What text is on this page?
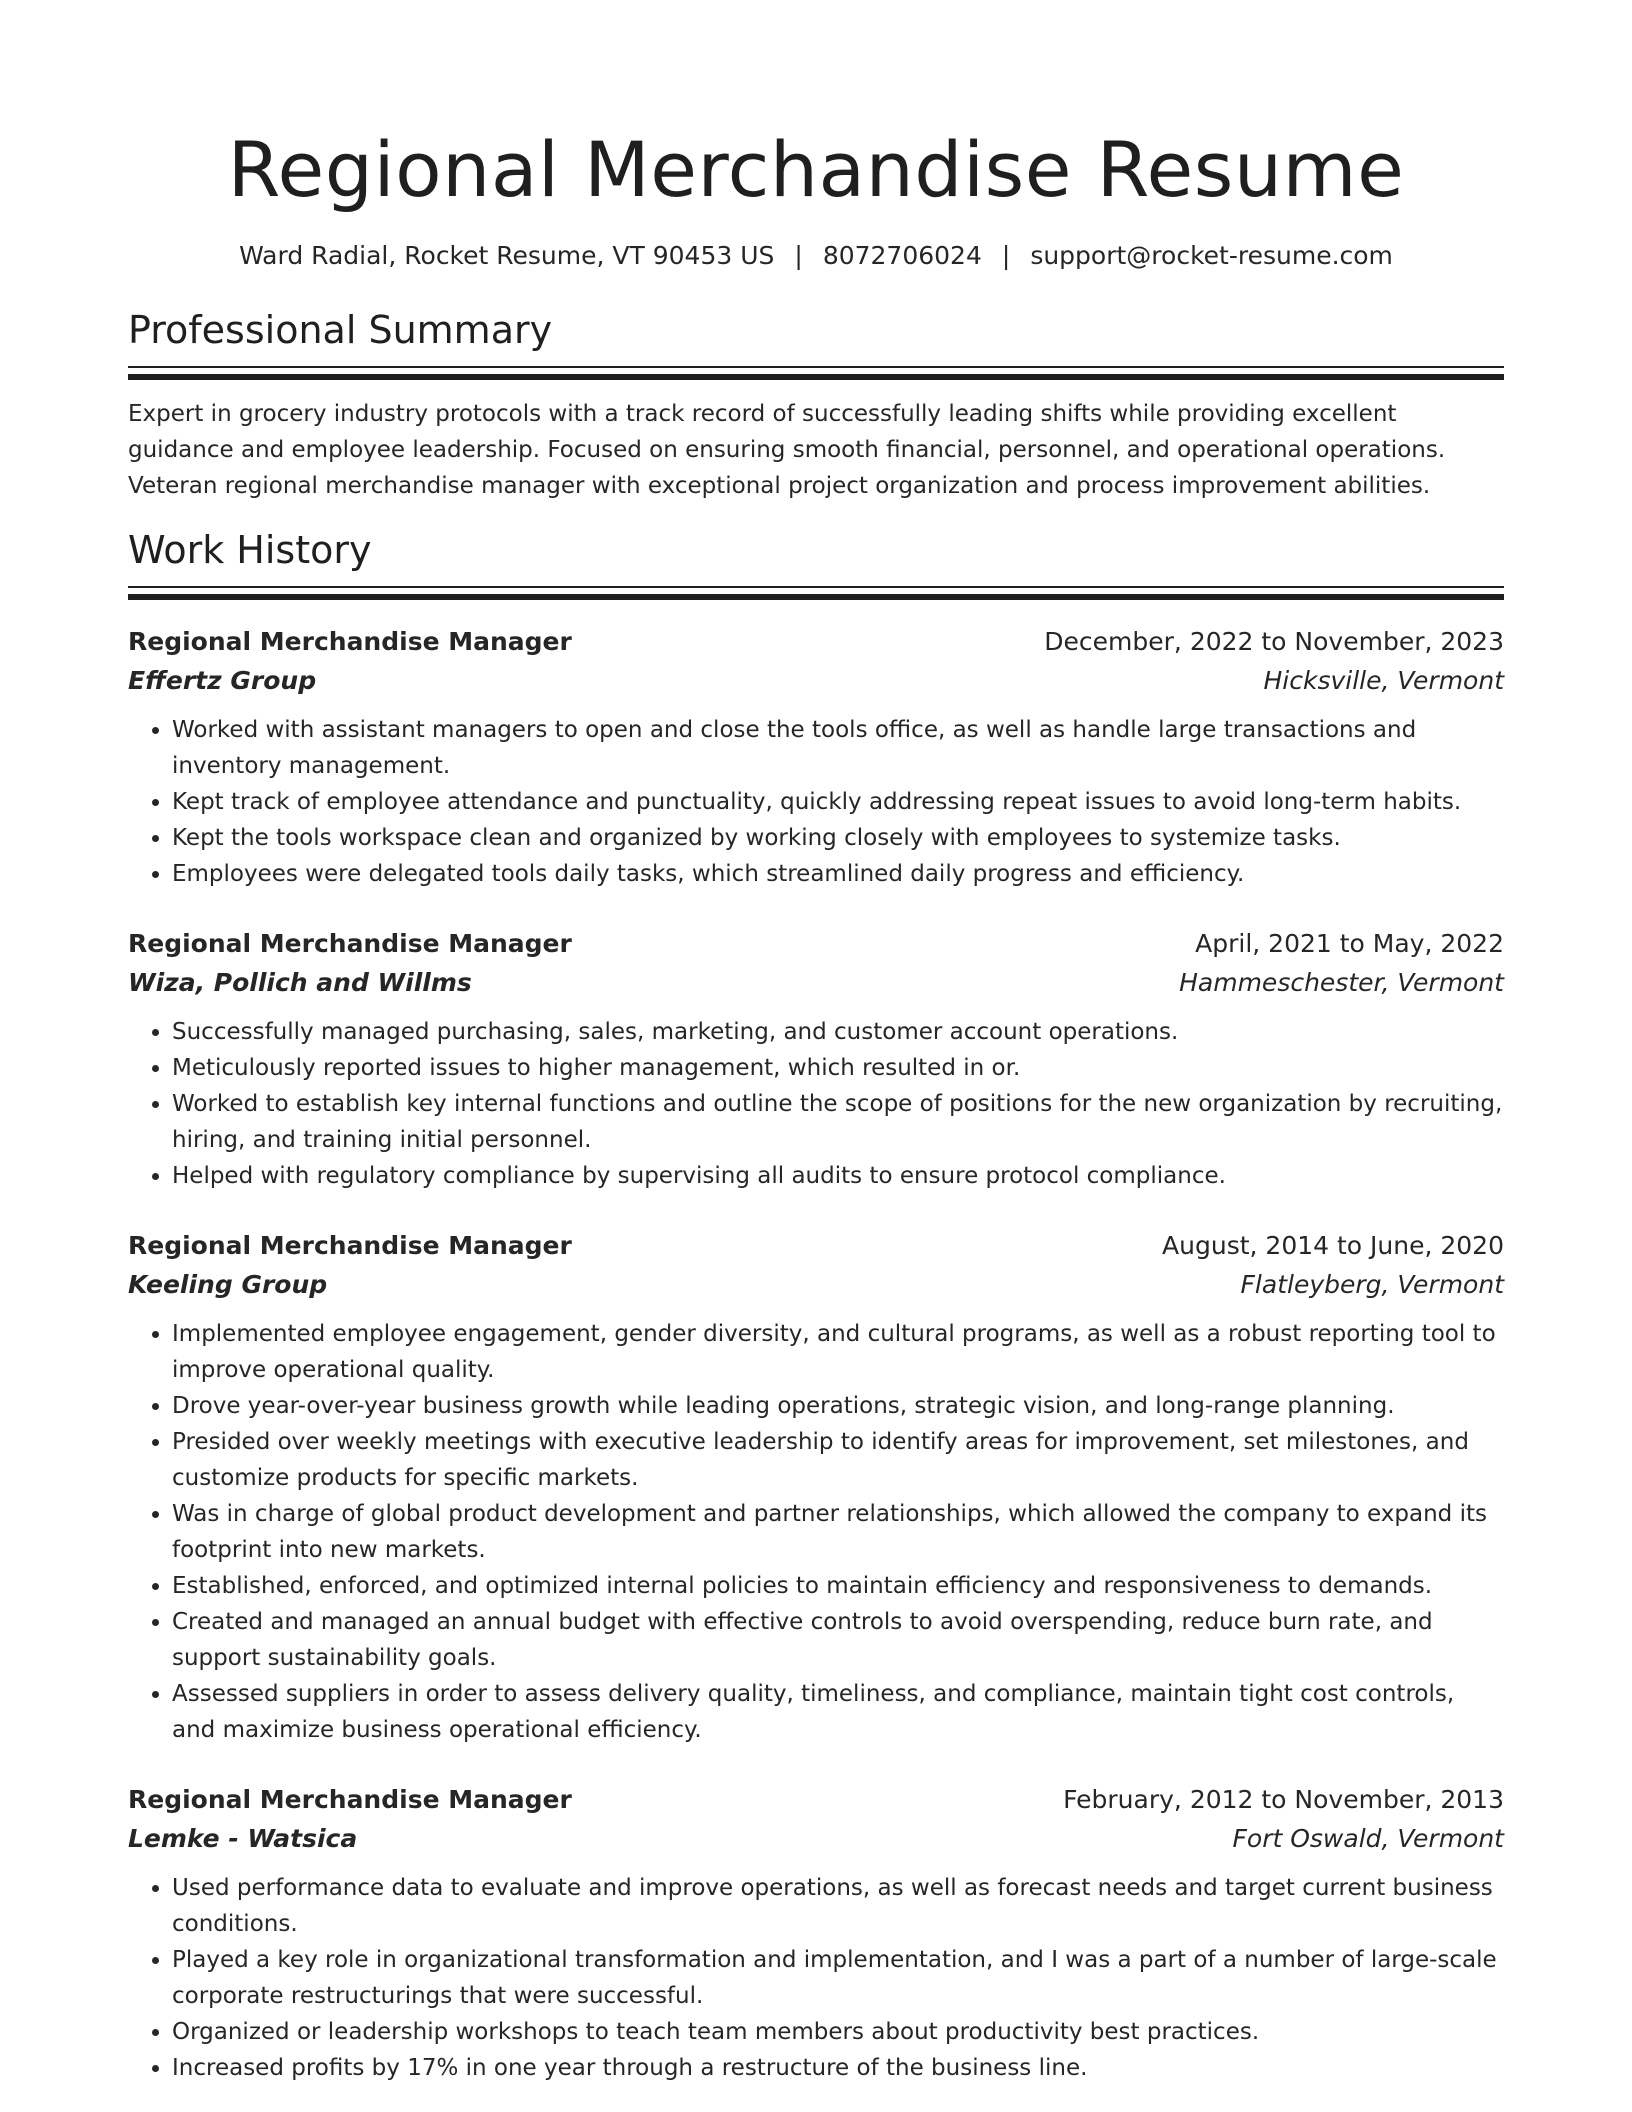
Regional Merchandise Resume
Ward Radial, Rocket Resume, VT 90453 US | 8072706024 | support@rocket-resume.com
Professional Summary
Expert in grocery industry protocols with a track record of successfully leading shifts while providing excellent guidance and employee leadership. Focused on ensuring smooth financial, personnel, and operational operations. Veteran regional merchandise manager with exceptional project organization and process improvement abilities.
Work History
Regional Merchandise Manager	December, 2022 to November, 2023
Effertz Group	Hicksville, Vermont
• Worked with assistant managers to open and close the tools office, as well as handle large transactions and inventory management.
• Kept track of employee attendance and punctuality, quickly addressing repeat issues to avoid long-term habits.
• Kept the tools workspace clean and organized by working closely with employees to systemize tasks.
• Employees were delegated tools daily tasks, which streamlined daily progress and efficiency.
Regional Merchandise Manager	April, 2021 to May, 2022
Wiza, Pollich and Willms	Hammeschester, Vermont
• Successfully managed purchasing, sales, marketing, and customer account operations.
• Meticulously reported issues to higher management, which resulted in or.
• Worked to establish key internal functions and outline the scope of positions for the new organization by recruiting, hiring, and training initial personnel.
• Helped with regulatory compliance by supervising all audits to ensure protocol compliance.
Regional Merchandise Manager	August, 2014 to June, 2020
Keeling Group	Flatleyberg, Vermont
• Implemented employee engagement, gender diversity, and cultural programs, as well as a robust reporting tool to improve operational quality.
• Drove year-over-year business growth while leading operations, strategic vision, and long-range planning.
• Presided over weekly meetings with executive leadership to identify areas for improvement, set milestones, and customize products for specific markets.
• Was in charge of global product development and partner relationships, which allowed the company to expand its footprint into new markets.
• Established, enforced, and optimized internal policies to maintain efficiency and responsiveness to demands.
• Created and managed an annual budget with effective controls to avoid overspending, reduce burn rate, and support sustainability goals.
• Assessed suppliers in order to assess delivery quality, timeliness, and compliance, maintain tight cost controls, and maximize business operational efficiency.
Regional Merchandise Manager	February, 2012 to November, 2013
Lemke - Watsica	Fort Oswald, Vermont
• Used performance data to evaluate and improve operations, as well as forecast needs and target current business conditions.
• Played a key role in organizational transformation and implementation, and I was a part of a number of large-scale corporate restructurings that were successful.
• Organized or leadership workshops to teach team members about productivity best practices.
• Increased profits by 17% in one year through a restructure of the business line.
